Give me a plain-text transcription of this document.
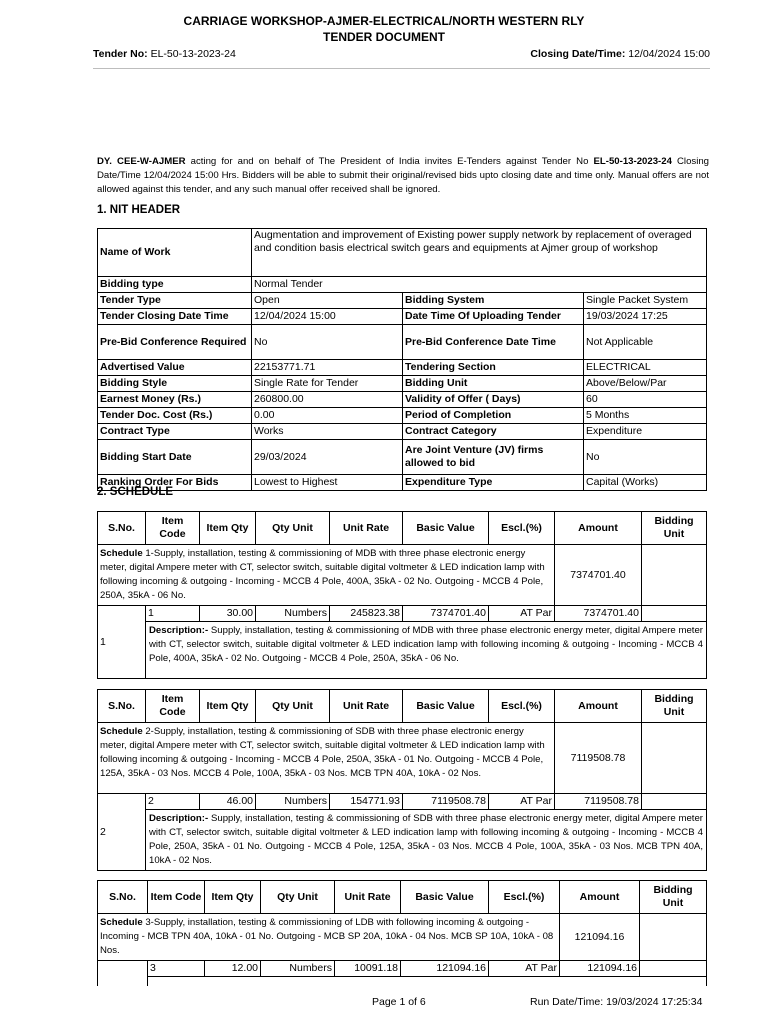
CARRIAGE WORKSHOP-AJMER-ELECTRICAL/NORTH WESTERN RLY
TENDER DOCUMENT
Tender No: EL-50-13-2023-24	Closing Date/Time: 12/04/2024 15:00
DY. CEE-W-AJMER acting for and on behalf of The President of India invites E-Tenders against Tender No EL-50-13-2023-24 Closing Date/Time 12/04/2024 15:00 Hrs. Bidders will be able to submit their original/revised bids upto closing date and time only. Manual offers are not allowed against this tender, and any such manual offer received shall be ignored.
1. NIT HEADER
Name of Work	Augmentation and improvement of Existing power supply network by replacement of overaged and condition basis electrical switch gears and equipments at Ajmer group of workshop		
Bidding type	Normal Tender		
Tender Type	Open	Bidding System	Single Packet System
Tender Closing Date Time	12/04/2024 15:00	Date Time Of Uploading Tender	19/03/2024 17:25
Pre-Bid Conference Required	No	Pre-Bid Conference Date Time	Not Applicable
Advertised Value	22153771.71	Tendering Section	ELECTRICAL
Bidding Style	Single Rate for Tender	Bidding Unit	Above/Below/Par
Earnest Money (Rs.)	260800.00	Validity of Offer ( Days)	60
Tender Doc. Cost (Rs.)	0.00	Period of Completion	5 Months
Contract Type	Works	Contract Category	Expenditure
Bidding Start Date	29/03/2024	Are Joint Venture (JV) firms allowed to bid	No
Ranking Order For Bids	Lowest to Highest	Expenditure Type	Capital (Works)
2. SCHEDULE
S.No.	Item Code	Item Qty	Qty Unit	Unit Rate	Basic Value	Escl.(%)	Amount	Bidding Unit
Schedule 1-Supply, installation, testing & commissioning of MDB with three phase electronic energy meter, digital Ampere meter with CT, selector switch, suitable digital voltmeter & LED indication lamp with following incoming & outgoing - Incoming - MCCB 4 Pole, 400A, 35kA - 02 No. Outgoing - MCCB 4 Pole, 250A, 35kA - 06 No.							7374701.40	
1	1	30.00	Numbers	245823.38	7374701.40	AT Par	7374701.40	
	Description:- Supply, installation, testing & commissioning of MDB with three phase electronic energy meter, digital Ampere meter with CT, selector switch, suitable digital voltmeter & LED indication lamp with following incoming & outgoing - Incoming - MCCB 4 Pole, 400A, 35kA - 02 No. Outgoing - MCCB 4 Pole, 250A, 35kA - 06 No.							
S.No.	Item Code	Item Qty	Qty Unit	Unit Rate	Basic Value	Escl.(%)	Amount	Bidding Unit
Schedule 2-Supply, installation, testing & commissioning of SDB with three phase electronic energy meter, digital Ampere meter with CT, selector switch, suitable digital voltmeter & LED indication lamp with following incoming & outgoing - Incoming - MCCB 4 Pole, 250A, 35kA - 01 No. Outgoing - MCCB 4 Pole, 125A, 35kA - 03 Nos. MCCB 4 Pole, 100A, 35kA - 03 Nos. MCB TPN 40A, 10kA - 02 Nos.							7119508.78	
2	2	46.00	Numbers	154771.93	7119508.78	AT Par	7119508.78	
	Description:- Supply, installation, testing & commissioning of SDB with three phase electronic energy meter, digital Ampere meter with CT, selector switch, suitable digital voltmeter & LED indication lamp with following incoming & outgoing - Incoming - MCCB 4 Pole, 250A, 35kA - 01 No. Outgoing - MCCB 4 Pole, 125A, 35kA - 03 Nos. MCCB 4 Pole, 100A, 35kA - 03 Nos. MCB TPN 40A, 10kA - 02 Nos.							
S.No.	Item Code	Item Qty	Qty Unit	Unit Rate	Basic Value	Escl.(%)	Amount	Bidding Unit
Schedule 3-Supply, installation, testing & commissioning of LDB with following incoming & outgoing - Incoming - MCB TPN 40A, 10kA - 01 No. Outgoing - MCB SP 20A, 10kA - 04 Nos. MCB SP 10A, 10kA - 08 Nos.							121094.16	
	3	12.00	Numbers	10091.18	121094.16	AT Par	121094.16	

Page 1 of 6	Run Date/Time: 19/03/2024 17:25:34
